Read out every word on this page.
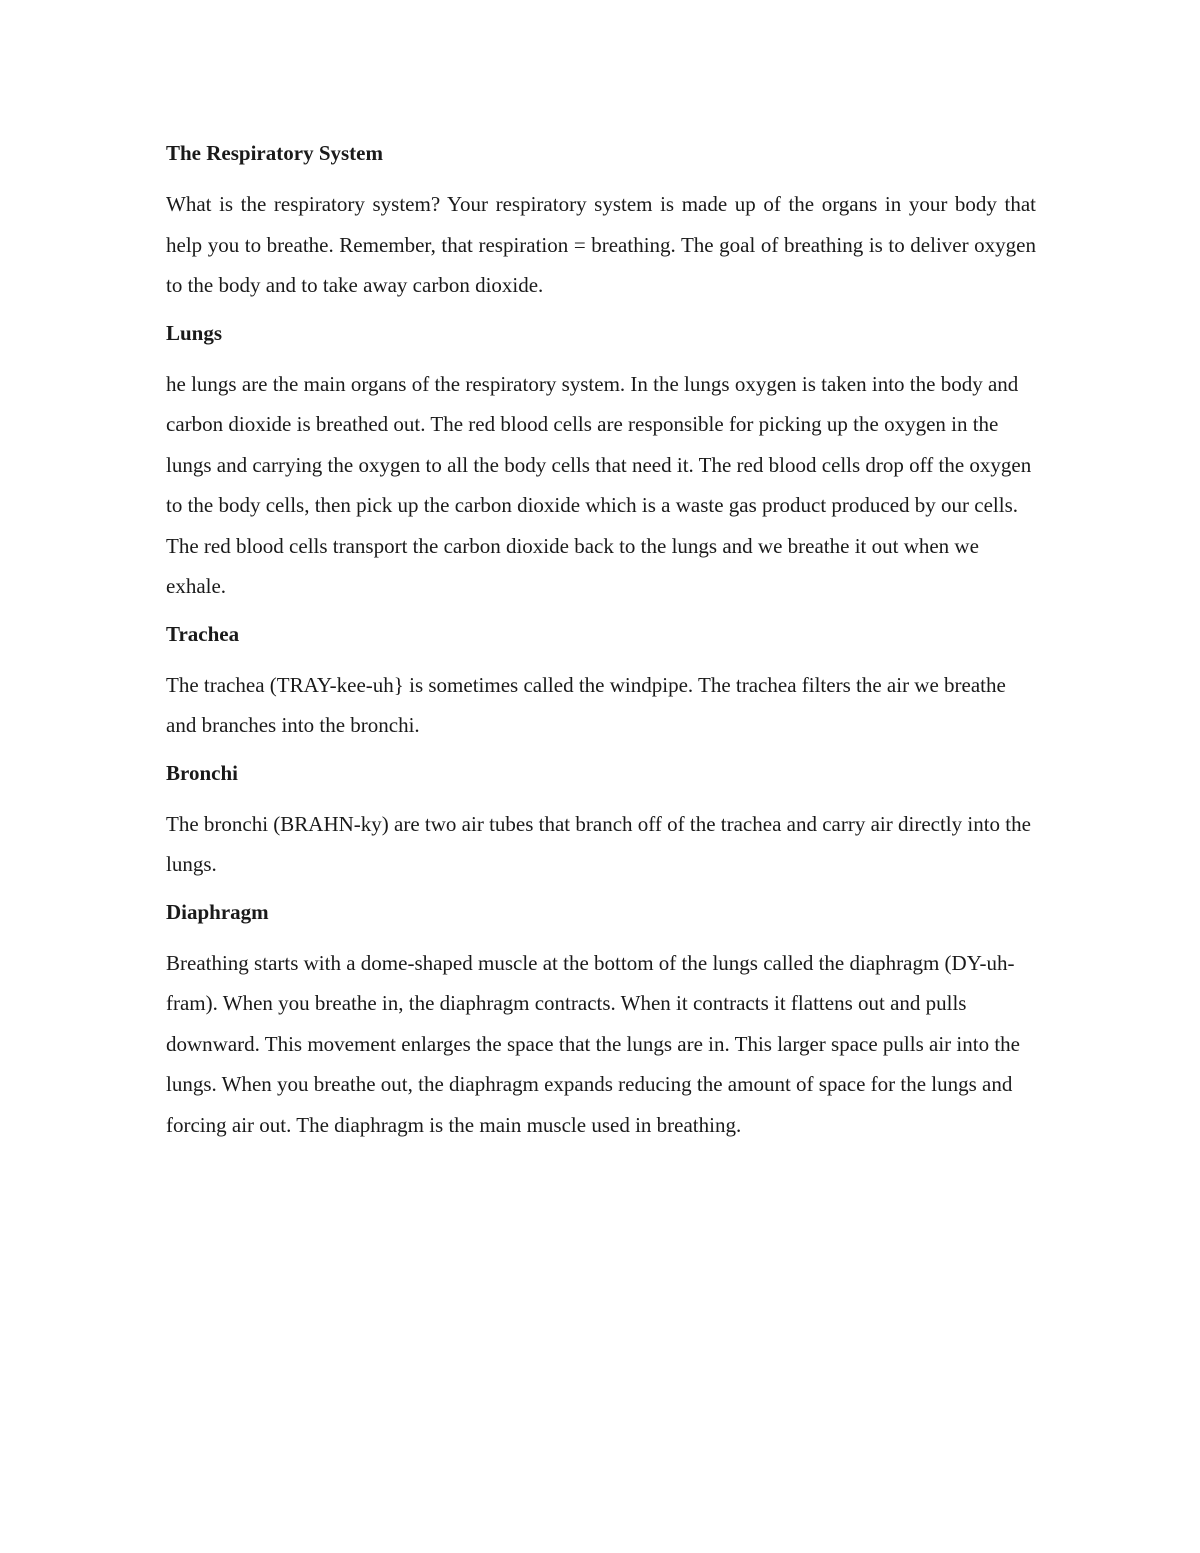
The Respiratory System

What is the respiratory system? Your respiratory system is made up of the organs in your body that help you to breathe. Remember, that respiration = breathing. The goal of breathing is to deliver oxygen to the body and to take away carbon dioxide.

Lungs

he lungs are the main organs of the respiratory system. In the lungs oxygen is taken into the body and carbon dioxide is breathed out. The red blood cells are responsible for picking up the oxygen in the lungs and carrying the oxygen to all the body cells that need it. The red blood cells drop off the oxygen to the body cells, then pick up the carbon dioxide which is a waste gas product produced by our cells. The red blood cells transport the carbon dioxide back to the lungs and we breathe it out when we exhale.

Trachea

The trachea (TRAY-kee-uh} is sometimes called the windpipe. The trachea filters the air we breathe and branches into the bronchi.

Bronchi

The bronchi (BRAHN-ky) are two air tubes that branch off of the trachea and carry air directly into the lungs.

Diaphragm

Breathing starts with a dome-shaped muscle at the bottom of the lungs called the diaphragm (DY-uh-fram). When you breathe in, the diaphragm contracts. When it contracts it flattens out and pulls downward. This movement enlarges the space that the lungs are in. This larger space pulls air into the lungs. When you breathe out, the diaphragm expands reducing the amount of space for the lungs and forcing air out. The diaphragm is the main muscle used in breathing.
